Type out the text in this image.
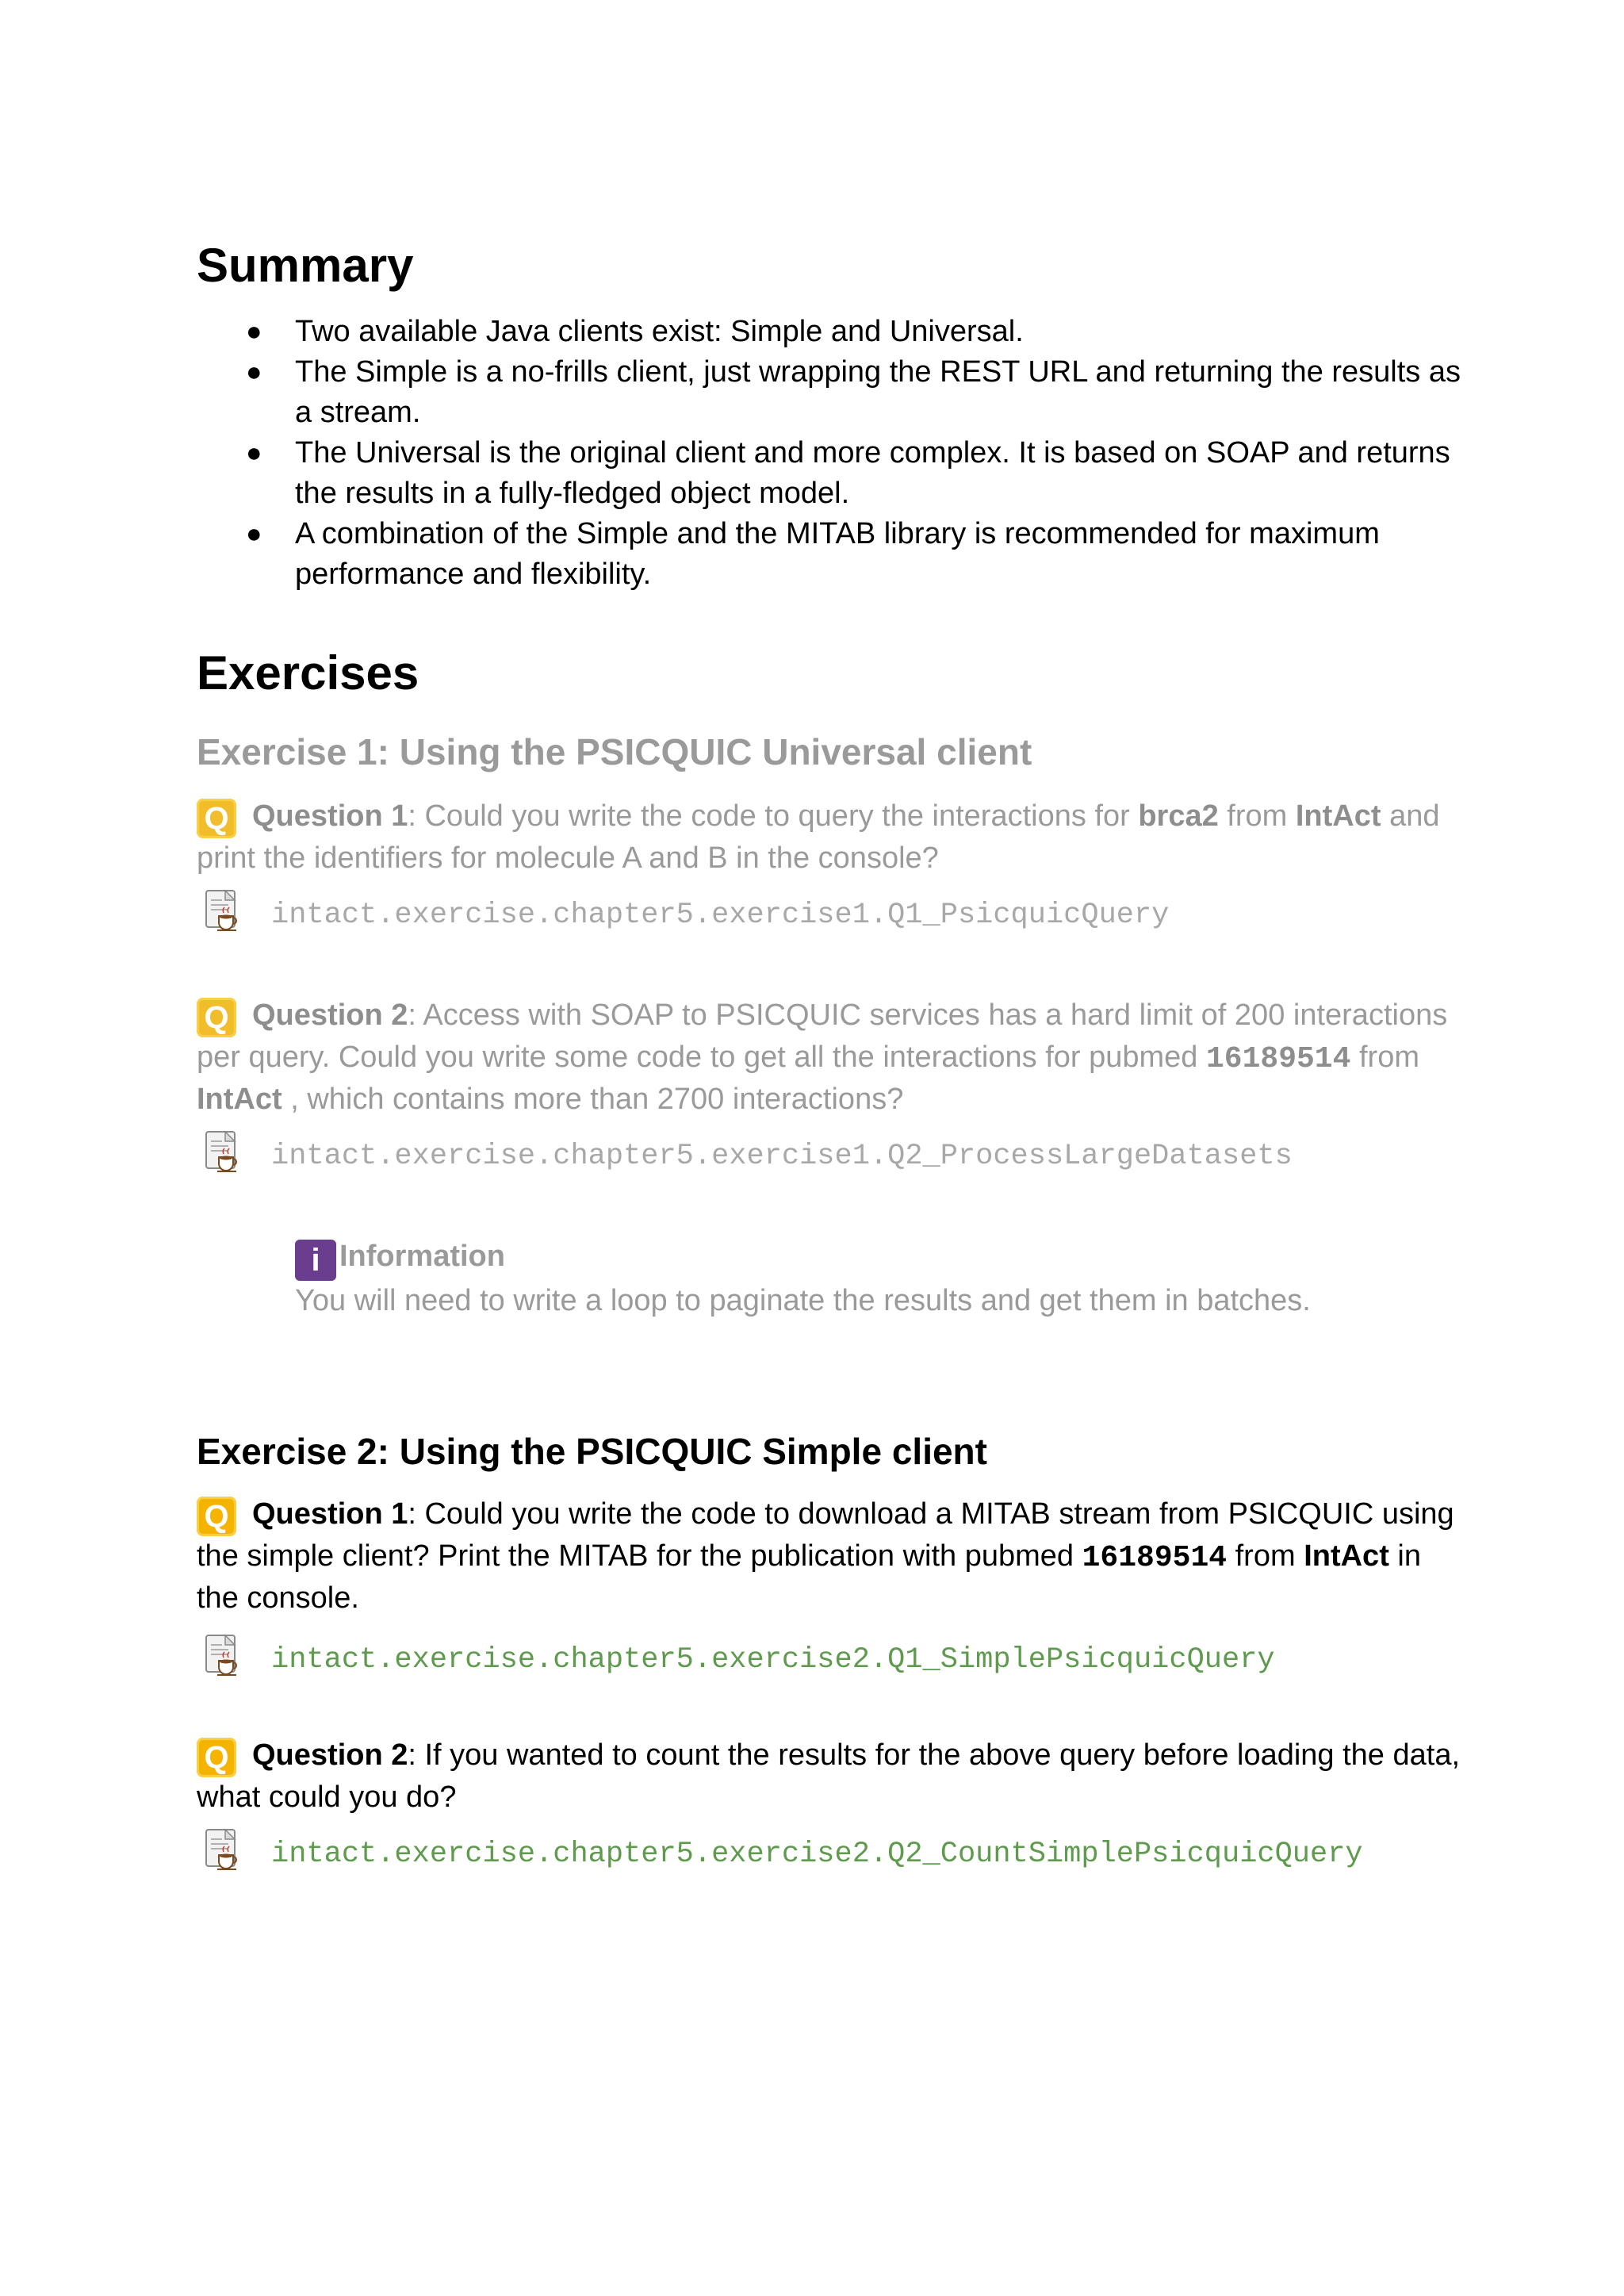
Summary
● Two available Java clients exist: Simple and Universal.
● The Simple is a no-frills client, just wrapping the REST URL and returning the results as a stream.
● The Universal is the original client and more complex. It is based on SOAP and returns the results in a fully-fledged object model.
● A combination of the Simple and the MITAB library is recommended for maximum performance and flexibility.
Exercises
Exercise 1: Using the PSICQUIC Universal client
Q Question 1: Could you write the code to query the interactions for brca2 from IntAct and print the identifiers for molecule A and B in the console?
intact.exercise.chapter5.exercise1.Q1_PsicquicQuery
Q Question 2: Access with SOAP to PSICQUIC services has a hard limit of 200 interactions per query. Could you write some code to get all the interactions for pubmed 16189514 from IntAct , which contains more than 2700 interactions?
intact.exercise.chapter5.exercise1.Q2_ProcessLargeDatasets
i Information
You will need to write a loop to paginate the results and get them in batches.
Exercise 2: Using the PSICQUIC Simple client
Q Question 1: Could you write the code to download a MITAB stream from PSICQUIC using the simple client? Print the MITAB for the publication with pubmed 16189514 from IntAct in the console.
intact.exercise.chapter5.exercise2.Q1_SimplePsicquicQuery
Q Question 2: If you wanted to count the results for the above query before loading the data, what could you do?
intact.exercise.chapter5.exercise2.Q2_CountSimplePsicquicQuery
